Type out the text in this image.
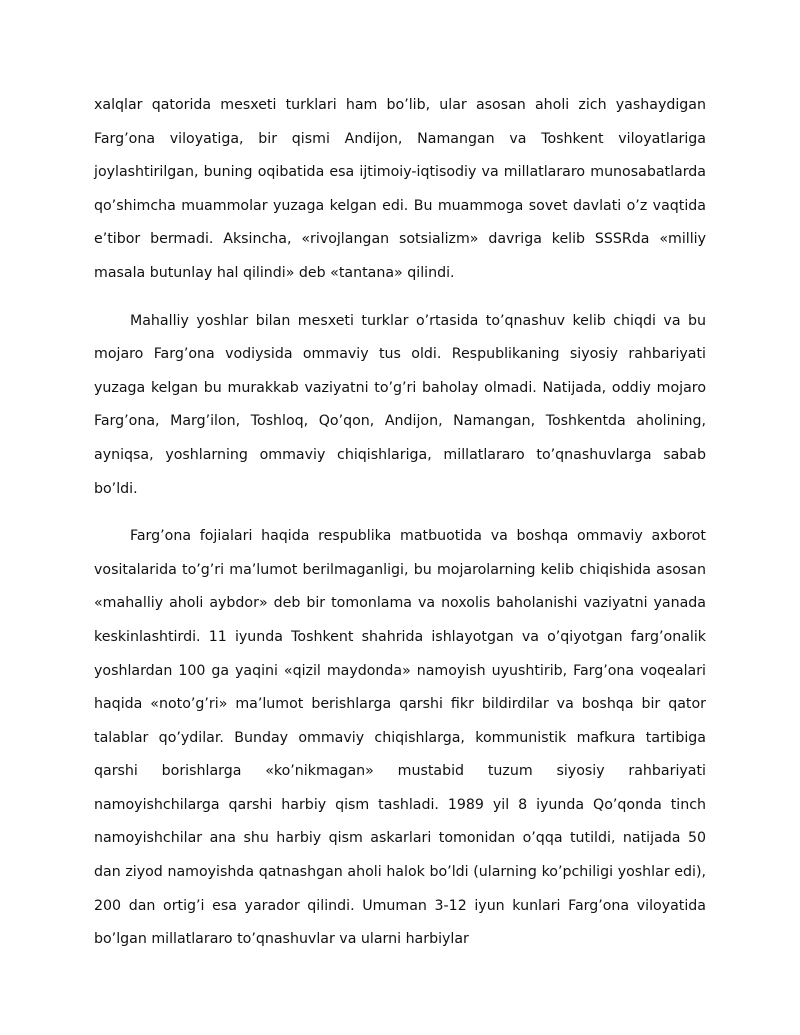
xalqlar qatorida mesxeti turklari ham bo’lib, ular asosan aholi zich yashaydigan Farg’ona viloyatiga, bir qismi Andijon, Namangan va Toshkent viloyatlariga joylashtirilgan, buning oqibatida esa ijtimoiy-iqtisodiy va millatlararo munosabatlarda qo’shimcha muammolar yuzaga kelgan edi. Bu muammoga sovet davlati o’z vaqtida e’tibor bermadi. Aksincha, «rivojlangan sotsializm» davriga kelib SSSRda «milliy masala butunlay hal qilindi» deb «tantana» qilindi.

Mahalliy yoshlar bilan mesxeti turklar o’rtasida to’qnashuv kelib chiqdi va bu mojaro Farg’ona vodiysida ommaviy tus oldi. Respublikaning siyosiy rahbariyati yuzaga kelgan bu murakkab vaziyatni to’g’ri baholay olmadi. Natijada, oddiy mojaro Farg’ona, Marg’ilon, Toshloq, Qo’qon, Andijon, Namangan, Toshkentda aholining, ayniqsa, yoshlarning ommaviy chiqishlariga, millatlararo to’qnashuvlarga sabab bo’ldi.

Farg’ona fojialari haqida respublika matbuotida va boshqa ommaviy axborot vositalarida to’g’ri ma’lumot berilmaganligi, bu mojarolarning kelib chiqishida asosan «mahalliy aholi aybdor» deb bir tomonlama va noxolis baholanishi vaziyatni yanada keskinlashtirdi. 11 iyunda Toshkent shahrida ishlayotgan va o’qiyotgan farg’onalik yoshlardan 100 ga yaqini «qizil maydonda» namoyish uyushtirib, Farg’ona voqealari haqida «noto’g’ri» ma’lumot berishlarga qarshi fikr bildirdilar va boshqa bir qator talablar qo’ydilar. Bunday ommaviy chiqishlarga, kommunistik mafkura tartibiga qarshi borishlarga «ko’nikmagan» mustabid tuzum siyosiy rahbariyati namoyishchilarga qarshi harbiy qism tashladi. 1989 yil 8 iyunda Qo’qonda tinch namoyishchilar ana shu harbiy qism askarlari tomonidan o’qqa tutildi, natijada 50 dan ziyod namoyishda qatnashgan aholi halok bo’ldi (ularning ko’pchiligi yoshlar edi), 200 dan ortig’i esa yarador qilindi. Umuman 3-12 iyun kunlari Farg’ona viloyatida bo’lgan millatlararo to’qnashuvlar va ularni harbiylar
